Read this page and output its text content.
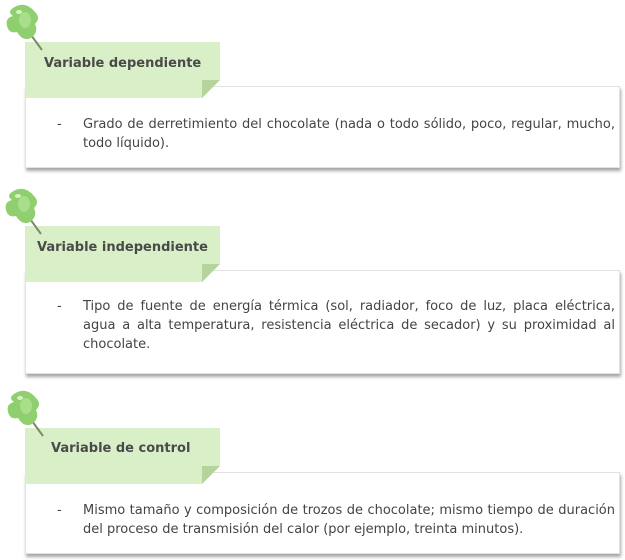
-	Grado de derretimiento del chocolate (nada o todo sólido, poco, regular, mucho, todo líquido).
Variable dependiente
-	Tipo de fuente de energía térmica (sol, radiador, foco de luz, placa eléctrica, agua a alta temperatura, resistencia eléctrica de secador) y su proximidad al chocolate.
Variable independiente
-	Mismo tamaño y composición de trozos de chocolate; mismo tiempo de duración del proceso de transmisión del calor (por ejemplo, treinta minutos).
Variable de control
